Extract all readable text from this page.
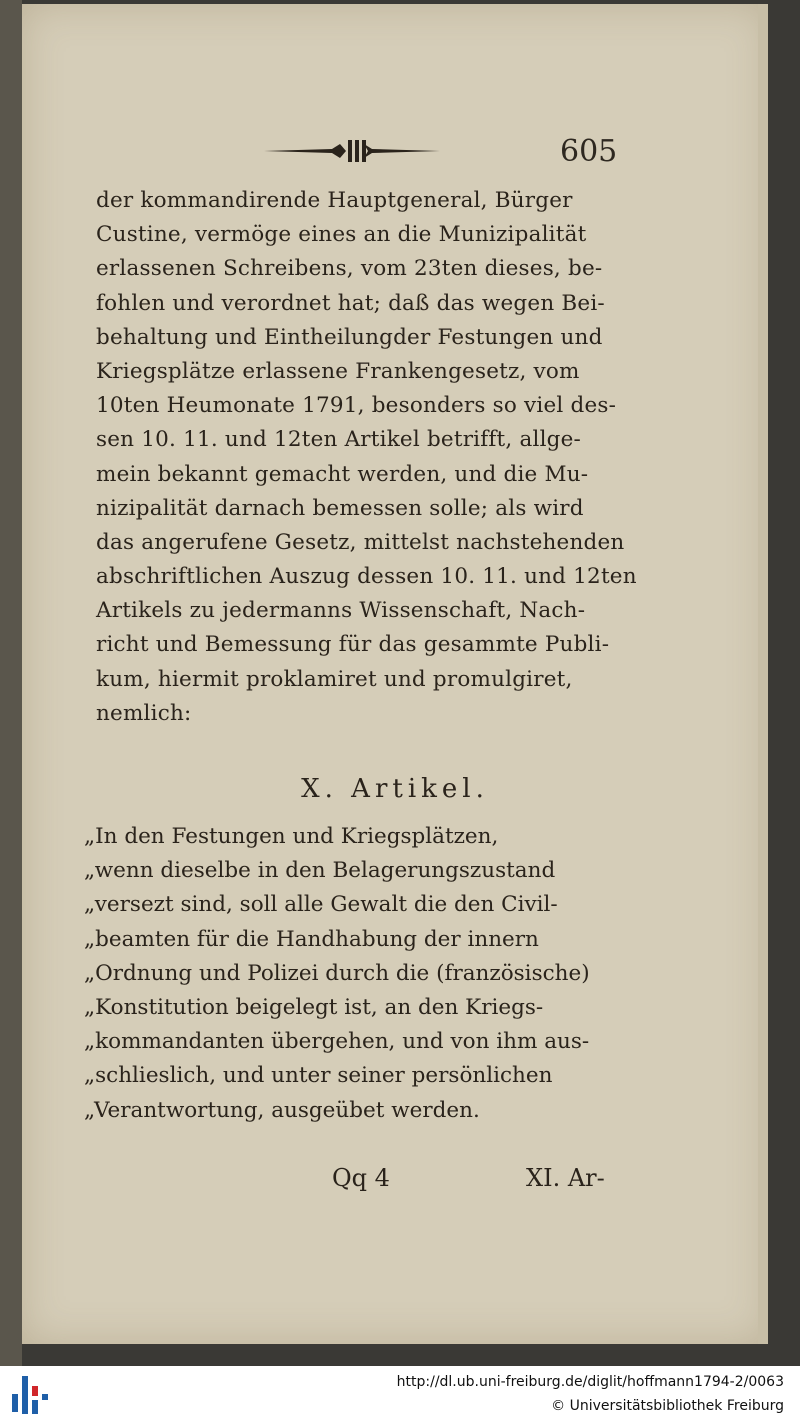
605
der kommandirende Hauptgeneral, Bürger
Custine, vermöge eines an die Munizipalität
erlassenen Schreibens, vom 23ten dieses, be-
fohlen und verordnet hat; daß das wegen Bei-
behaltung und Eintheilungder Festungen und
Kriegsplätze erlassene Frankengesetz, vom
10ten Heumonate 1791, besonders so viel des-
sen 10. 11. und 12ten Artikel betrifft, allge-
mein bekannt gemacht werden, und die Mu-
nizipalität darnach bemessen solle; als wird
das angerufene Gesetz, mittelst nachstehenden
abschriftlichen Auszug dessen 10. 11. und 12ten
Artikels zu jedermanns Wissenschaft, Nach-
richt und Bemessung für das gesammte Publi-
kum, hiermit proklamiret und promulgiret,
nemlich:
X. Artikel.
„In den Festungen und Kriegsplätzen,
„wenn dieselbe in den Belagerungszustand
„versezt sind, soll alle Gewalt die den Civil-
„beamten für die Handhabung der innern
„Ordnung und Polizei durch die (französische)
„Konstitution beigelegt ist, an den Kriegs-
„kommandanten übergehen, und von ihm aus-
„schlieslich, und unter seiner persönlichen
„Verantwortung, ausgeübet werden.
Qq 4	XI. Ar-
http://dl.ub.uni-freiburg.de/diglit/hoffmann1794-2/0063
© Universitätsbibliothek Freiburg
